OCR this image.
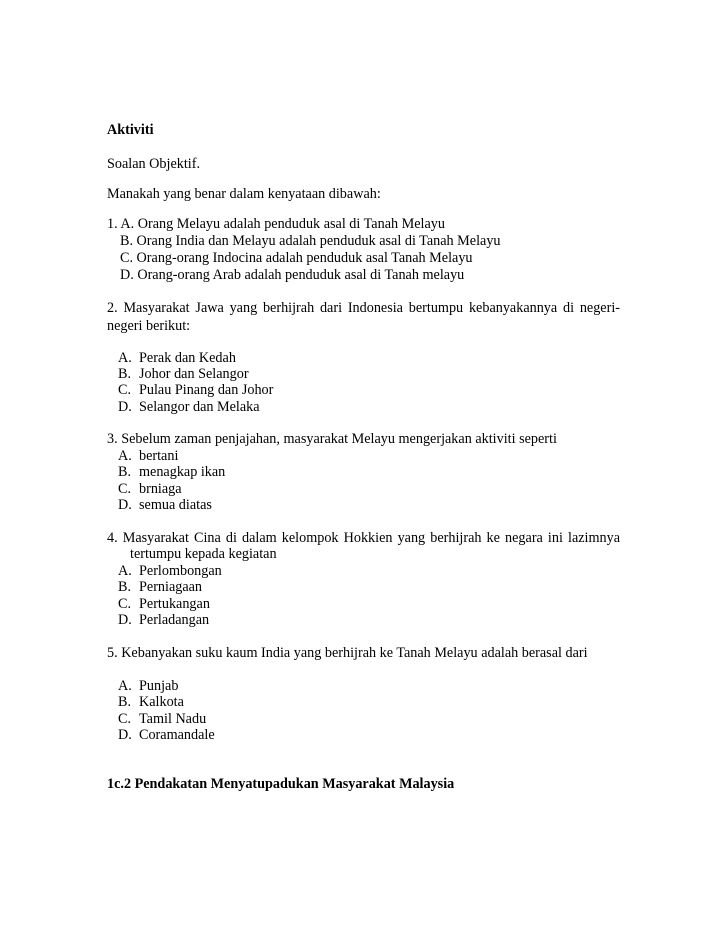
Aktiviti
Soalan Objektif.
Manakah yang benar dalam kenyataan dibawah:
1. A. Orang Melayu adalah penduduk asal di Tanah Melayu
B. Orang India dan Melayu adalah penduduk asal di Tanah Melayu
C. Orang-orang Indocina adalah penduduk asal Tanah Melayu
D. Orang-orang Arab adalah penduduk asal di Tanah melayu
2. Masyarakat Jawa yang berhijrah dari Indonesia bertumpu kebanyakannya di negeri-
negeri berikut:
A. Perak dan Kedah
B. Johor dan Selangor
C. Pulau Pinang dan Johor
D. Selangor dan Melaka
3. Sebelum zaman penjajahan, masyarakat Melayu mengerjakan aktiviti seperti
A. bertani
B. menagkap ikan
C. brniaga
D. semua diatas
4. Masyarakat Cina di dalam kelompok Hokkien yang berhijrah ke negara ini lazimnya
tertumpu kepada kegiatan
A. Perlombongan
B. Perniagaan
C. Pertukangan
D. Perladangan
5. Kebanyakan suku kaum India yang berhijrah ke Tanah Melayu adalah berasal dari
A. Punjab
B. Kalkota
C. Tamil Nadu
D. Coramandale
1c.2 Pendakatan Menyatupadukan Masyarakat Malaysia
